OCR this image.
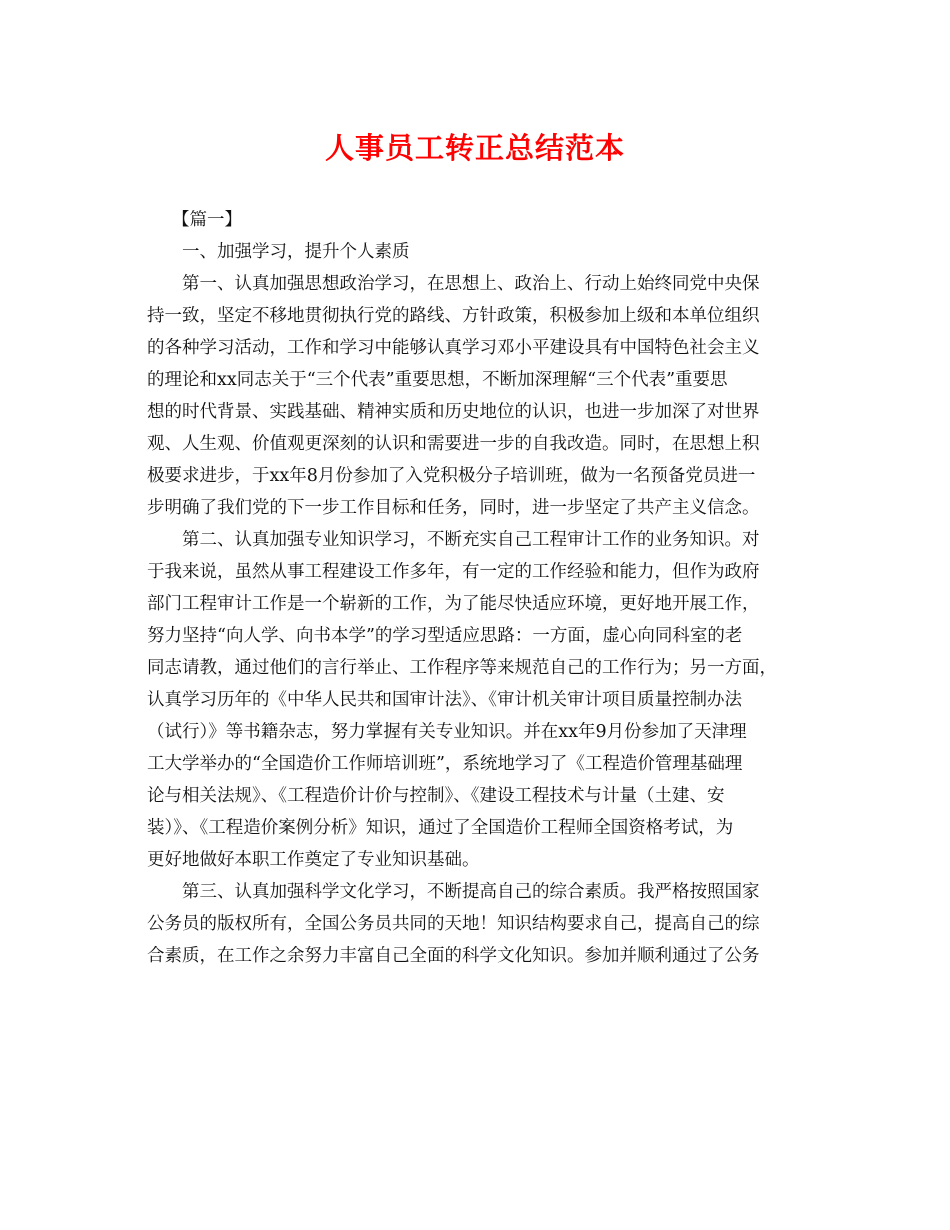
人事员工转正总结范本
【篇一】
一、加强学习，提升个人素质
第一、认真加强思想政治学习，在思想上、政治上、行动上始终同党中央保
持一致，坚定不移地贯彻执行党的路线、方针政策，积极参加上级和本单位组织
的各种学习活动，工作和学习中能够认真学习邓小平建设具有中国特色社会主义
的理论和xx同志关于“三个代表”重要思想，不断加深理解“三个代表”重要思
想的时代背景、实践基础、精神实质和历史地位的认识，也进一步加深了对世界
观、人生观、价值观更深刻的认识和需要进一步的自我改造。同时，在思想上积
极要求进步，于xx年8月份参加了入党积极分子培训班，做为一名预备党员进一
步明确了我们党的下一步工作目标和任务，同时，进一步坚定了共产主义信念。
第二、认真加强专业知识学习，不断充实自己工程审计工作的业务知识。对
于我来说，虽然从事工程建设工作多年，有一定的工作经验和能力，但作为政府
部门工程审计工作是一个崭新的工作，为了能尽快适应环境，更好地开展工作，
努力坚持“向人学、向书本学”的学习型适应思路：一方面，虚心向同科室的老
同志请教，通过他们的言行举止、工作程序等来规范自己的工作行为；另一方面，
认真学习历年的《中华人民共和国审计法》、《审计机关审计项目质量控制办法
（试行）》等书籍杂志，努力掌握有关专业知识。并在xx年9月份参加了天津理
工大学举办的“全国造价工作师培训班”，系统地学习了《工程造价管理基础理
论与相关法规》、《工程造价计价与控制》、《建设工程技术与计量（土建、安
装）》、《工程造价案例分析》知识，通过了全国造价工程师全国资格考试，为
更好地做好本职工作奠定了专业知识基础。
第三、认真加强科学文化学习，不断提高自己的综合素质。我严格按照国家
公务员的版权所有，全国公务员共同的天地！知识结构要求自己，提高自己的综
合素质，在工作之余努力丰富自己全面的科学文化知识。参加并顺利通过了公务
